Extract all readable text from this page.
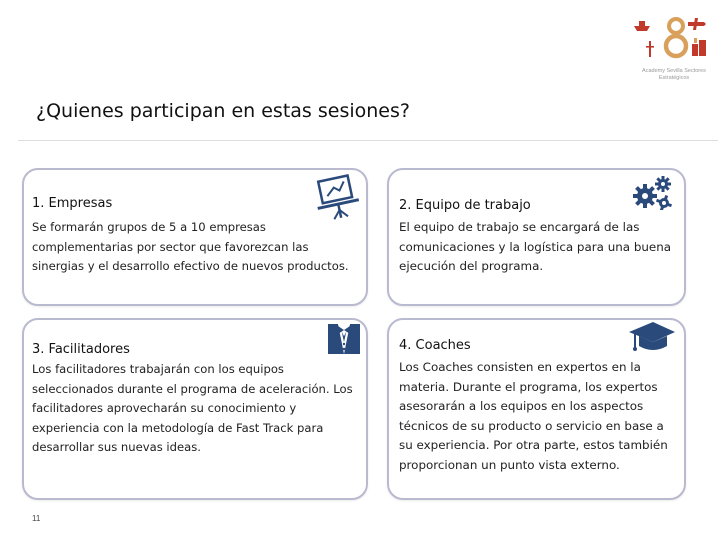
Academy Sevilla Sectores Estratégicos
¿Quienes participan en estas sesiones?
1. Empresas
Se formarán grupos de 5 a 10 empresas complementarias por sector que favorezcan las sinergias y el desarrollo efectivo de nuevos productos.
2. Equipo de trabajo
El equipo de trabajo se encargará de las comunicaciones y la logística para una buena ejecución del programa.
3. Facilitadores
Los facilitadores trabajarán con los equipos seleccionados durante el programa de aceleración. Los facilitadores aprovecharán su conocimiento y experiencia con la metodología de Fast Track para desarrollar sus nuevas ideas.
4. Coaches
Los Coaches consisten en expertos en la materia. Durante el programa, los expertos asesorarán a los equipos en los aspectos técnicos de su producto o servicio en base a su experiencia. Por otra parte, estos también proporcionan un punto vista externo.
11
